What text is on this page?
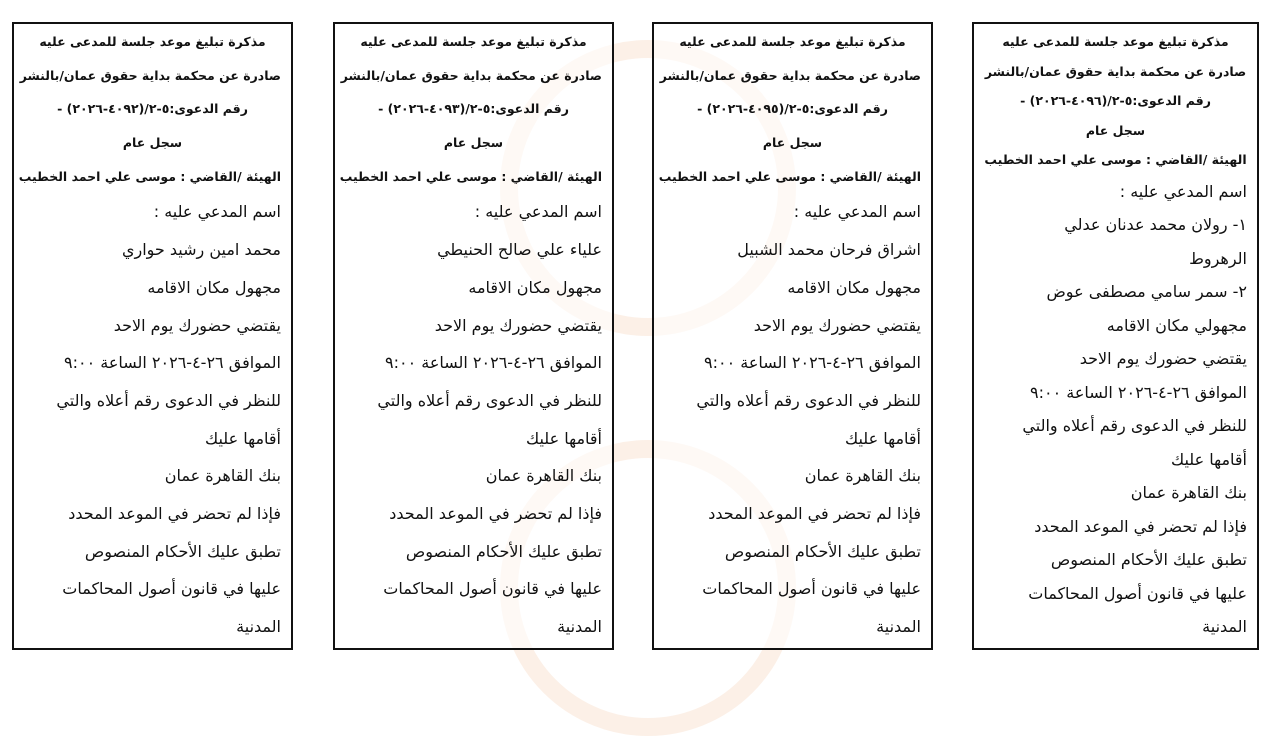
مذكرة تبليغ موعد جلسة للمدعى عليه
صادرة عن محكمة بداية حقوق عمان/بالنشر
رقم الدعوى:٥-٢/(٤٠٩٢-٢٠٢٦) -
سجل عام
الهيئة /القاضي : موسى علي احمد الخطيب
اسم المدعي عليه :
محمد امين رشيد حواري
مجهول مكان الاقامه
يقتضي حضورك يوم الاحد
الموافق ٢٦-٤-٢٠٢٦ الساعة ٩:٠٠
للنظر في الدعوى رقم أعلاه والتي
أقامها عليك
بنك القاهرة عمان
فإذا لم تحضر في الموعد المحدد
تطبق عليك الأحكام المنصوص
عليها في قانون أصول المحاكمات
المدنية
مذكرة تبليغ موعد جلسة للمدعى عليه
صادرة عن محكمة بداية حقوق عمان/بالنشر
رقم الدعوى:٥-٢/(٤٠٩٣-٢٠٢٦) -
سجل عام
الهيئة /القاضي : موسى علي احمد الخطيب
اسم المدعي عليه :
علياء علي صالح الحنيطي
مجهول مكان الاقامه
يقتضي حضورك يوم الاحد
الموافق ٢٦-٤-٢٠٢٦ الساعة ٩:٠٠
للنظر في الدعوى رقم أعلاه والتي
أقامها عليك
بنك القاهرة عمان
فإذا لم تحضر في الموعد المحدد
تطبق عليك الأحكام المنصوص
عليها في قانون أصول المحاكمات
المدنية
مذكرة تبليغ موعد جلسة للمدعى عليه
صادرة عن محكمة بداية حقوق عمان/بالنشر
رقم الدعوى:٥-٢/(٤٠٩٥-٢٠٢٦) -
سجل عام
الهيئة /القاضي : موسى علي احمد الخطيب
اسم المدعي عليه :
اشراق فرحان محمد الشبيل
مجهول مكان الاقامه
يقتضي حضورك يوم الاحد
الموافق ٢٦-٤-٢٠٢٦ الساعة ٩:٠٠
للنظر في الدعوى رقم أعلاه والتي
أقامها عليك
بنك القاهرة عمان
فإذا لم تحضر في الموعد المحدد
تطبق عليك الأحكام المنصوص
عليها في قانون أصول المحاكمات
المدنية
مذكرة تبليغ موعد جلسة للمدعى عليه
صادرة عن محكمة بداية حقوق عمان/بالنشر
رقم الدعوى:٥-٢/(٤٠٩٦-٢٠٢٦) -
سجل عام
الهيئة /القاضي : موسى علي احمد الخطيب
اسم المدعي عليه :
١- رولان محمد عدنان عدلي
الرهروط
٢- سمر سامي مصطفى عوض
مجهولي مكان الاقامه
يقتضي حضورك يوم الاحد
الموافق ٢٦-٤-٢٠٢٦ الساعة ٩:٠٠
للنظر في الدعوى رقم أعلاه والتي
أقامها عليك
بنك القاهرة عمان
فإذا لم تحضر في الموعد المحدد
تطبق عليك الأحكام المنصوص
عليها في قانون أصول المحاكمات
المدنية
